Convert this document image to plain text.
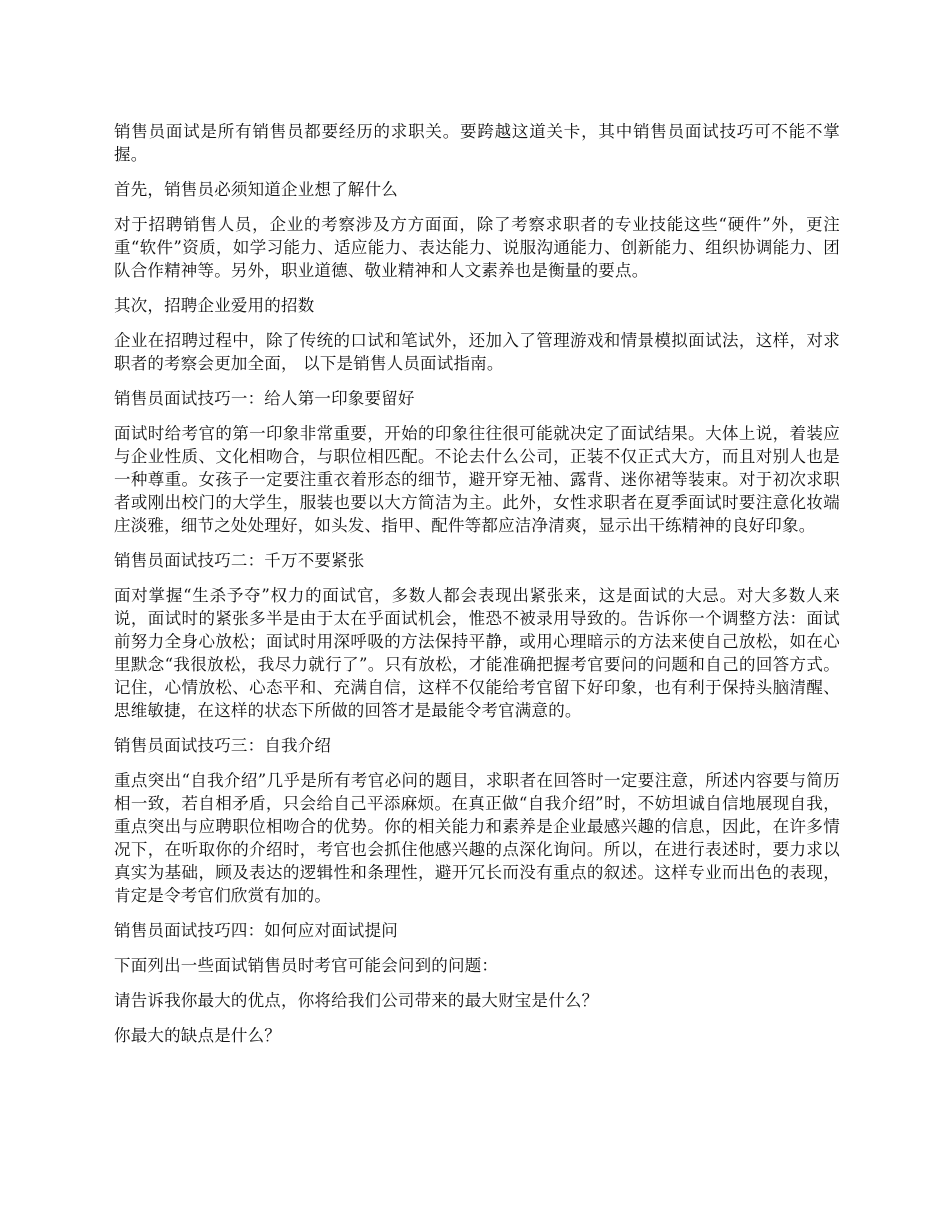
销售员面试是所有销售员都要经历的求职关。要跨越这道关卡，其中销售员面试技巧可不能不掌握。

首先，销售员必须知道企业想了解什么

对于招聘销售人员，企业的考察涉及方方面面，除了考察求职者的专业技能这些“硬件”外，更注重“软件”资质，如学习能力、适应能力、表达能力、说服沟通能力、创新能力、组织协调能力、团队合作精神等。另外，职业道德、敬业精神和人文素养也是衡量的要点。

其次，招聘企业爱用的招数

企业在招聘过程中，除了传统的口试和笔试外，还加入了管理游戏和情景模拟面试法，这样，对求职者的考察会更加全面， 以下是销售人员面试指南。

销售员面试技巧一：给人第一印象要留好

面试时给考官的第一印象非常重要，开始的印象往往很可能就决定了面试结果。大体上说，着装应与企业性质、文化相吻合，与职位相匹配。不论去什么公司，正装不仅正式大方，而且对别人也是一种尊重。女孩子一定要注重衣着形态的细节，避开穿无袖、露背、迷你裙等装束。对于初次求职者或刚出校门的大学生，服装也要以大方简洁为主。此外，女性求职者在夏季面试时要注意化妆端庄淡雅，细节之处处理好，如头发、指甲、配件等都应洁净清爽，显示出干练精神的良好印象。

销售员面试技巧二：千万不要紧张

面对掌握“生杀予夺”权力的面试官，多数人都会表现出紧张来，这是面试的大忌。对大多数人来说，面试时的紧张多半是由于太在乎面试机会，惟恐不被录用导致的。告诉你一个调整方法：面试前努力全身心放松；面试时用深呼吸的方法保持平静，或用心理暗示的方法来使自己放松，如在心里默念“我很放松，我尽力就行了”。只有放松，才能准确把握考官要问的问题和自己的回答方式。记住，心情放松、心态平和、充满自信，这样不仅能给考官留下好印象，也有利于保持头脑清醒、思维敏捷，在这样的状态下所做的回答才是最能令考官满意的。

销售员面试技巧三：自我介绍

重点突出“自我介绍”几乎是所有考官必问的题目，求职者在回答时一定要注意，所述内容要与简历相一致，若自相矛盾，只会给自己平添麻烦。在真正做“自我介绍”时，不妨坦诚自信地展现自我，重点突出与应聘职位相吻合的优势。你的相关能力和素养是企业最感兴趣的信息，因此，在许多情况下，在听取你的介绍时，考官也会抓住他感兴趣的点深化询问。所以，在进行表述时，要力求以真实为基础，顾及表达的逻辑性和条理性，避开冗长而没有重点的叙述。这样专业而出色的表现，肯定是令考官们欣赏有加的。

销售员面试技巧四：如何应对面试提问

下面列出一些面试销售员时考官可能会问到的问题：

请告诉我你最大的优点，你将给我们公司带来的最大财宝是什么？

你最大的缺点是什么？
